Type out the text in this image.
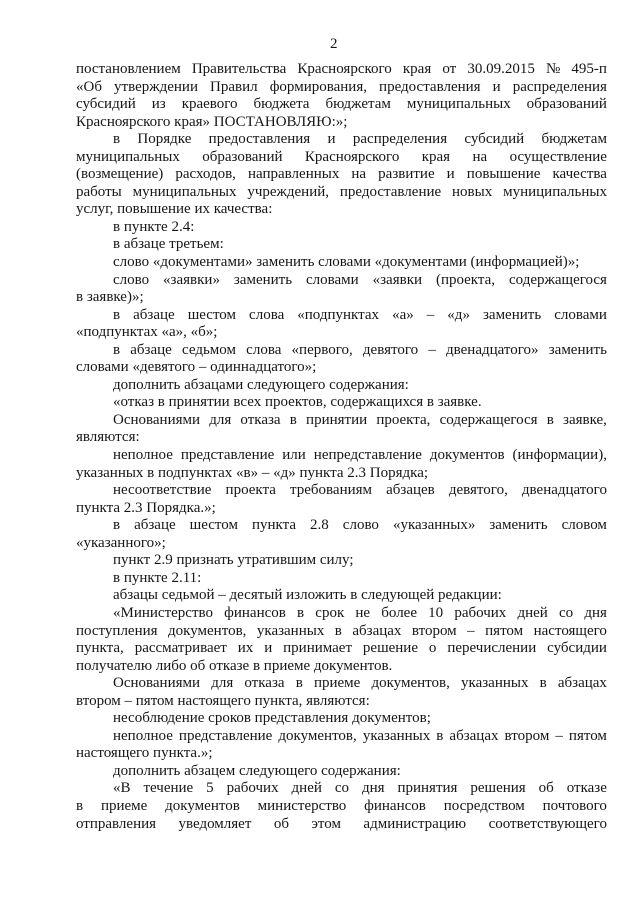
2
постановлением Правительства Красноярского края от 30.09.2015 № 495-п
«Об утверждении Правил формирования, предоставления и распределения
субсидий из краевого бюджета бюджетам муниципальных образований
Красноярского края» ПОСТАНОВЛЯЮ:»;
в Порядке предоставления и распределения субсидий бюджетам
муниципальных образований Красноярского края на осуществление
(возмещение) расходов, направленных на развитие и повышение качества
работы муниципальных учреждений, предоставление новых муниципальных
услуг, повышение их качества:
в пункте 2.4:
в абзаце третьем:
слово «документами» заменить словами «документами (информацией)»;
слово «заявки» заменить словами «заявки (проекта, содержащегося
в заявке)»;
в абзаце шестом слова «подпунктах «а» – «д» заменить словами
«подпунктах «а», «б»;
в абзаце седьмом слова «первого, девятого – двенадцатого» заменить
словами «девятого – одиннадцатого»;
дополнить абзацами следующего содержания:
«отказ в принятии всех проектов, содержащихся в заявке.
Основаниями для отказа в принятии проекта, содержащегося в заявке,
являются:
неполное представление или непредставление документов (информации),
указанных в подпунктах «в» – «д» пункта 2.3 Порядка;
несоответствие проекта требованиям абзацев девятого, двенадцатого
пункта 2.3 Порядка.»;
в абзаце шестом пункта 2.8 слово «указанных» заменить словом
«указанного»;
пункт 2.9 признать утратившим силу;
в пункте 2.11:
абзацы седьмой – десятый изложить в следующей редакции:
«Министерство финансов в срок не более 10 рабочих дней со дня
поступления документов, указанных в абзацах втором – пятом настоящего
пункта, рассматривает их и принимает решение о перечислении субсидии
получателю либо об отказе в приеме документов.
Основаниями для отказа в приеме документов, указанных в абзацах
втором – пятом настоящего пункта, являются:
несоблюдение сроков представления документов;
неполное представление документов, указанных в абзацах втором – пятом
настоящего пункта.»;
дополнить абзацем следующего содержания:
«В течение 5 рабочих дней со дня принятия решения об отказе
в приеме документов министерство финансов посредством почтового
отправления уведомляет об этом администрацию соответствующего
